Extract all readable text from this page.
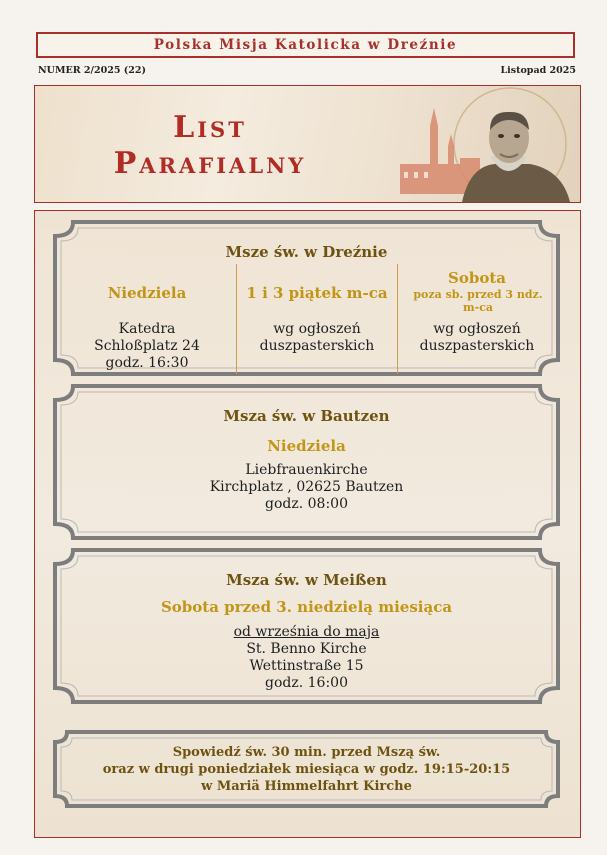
Polska Misja Katolicka w Dreźnie
NUMER 2/2025 (22)	Listopad 2025
List
Parafialny
Msze św. w Dreźnie
Niedziela
Katedra
Schloßplatz 24
godz. 16:30
1 i 3 piątek m-ca
wg ogłoszeń
duszpasterskich
Sobota
poza sb. przed 3 ndz. m-ca
wg ogłoszeń
duszpasterskich
Msza św. w Bautzen
Niedziela
Liebfrauenkirche
Kirchplatz , 02625 Bautzen
godz. 08:00
Msza św. w Meißen
Sobota przed 3. niedzielą miesiąca
od września do maja
St. Benno Kirche
Wettinstraße 15
godz. 16:00
Spowiedź św. 30 min. przed Mszą św.
oraz w drugi poniedziałek miesiąca w godz. 19:15-20:15
w Mariä Himmelfahrt Kirche
